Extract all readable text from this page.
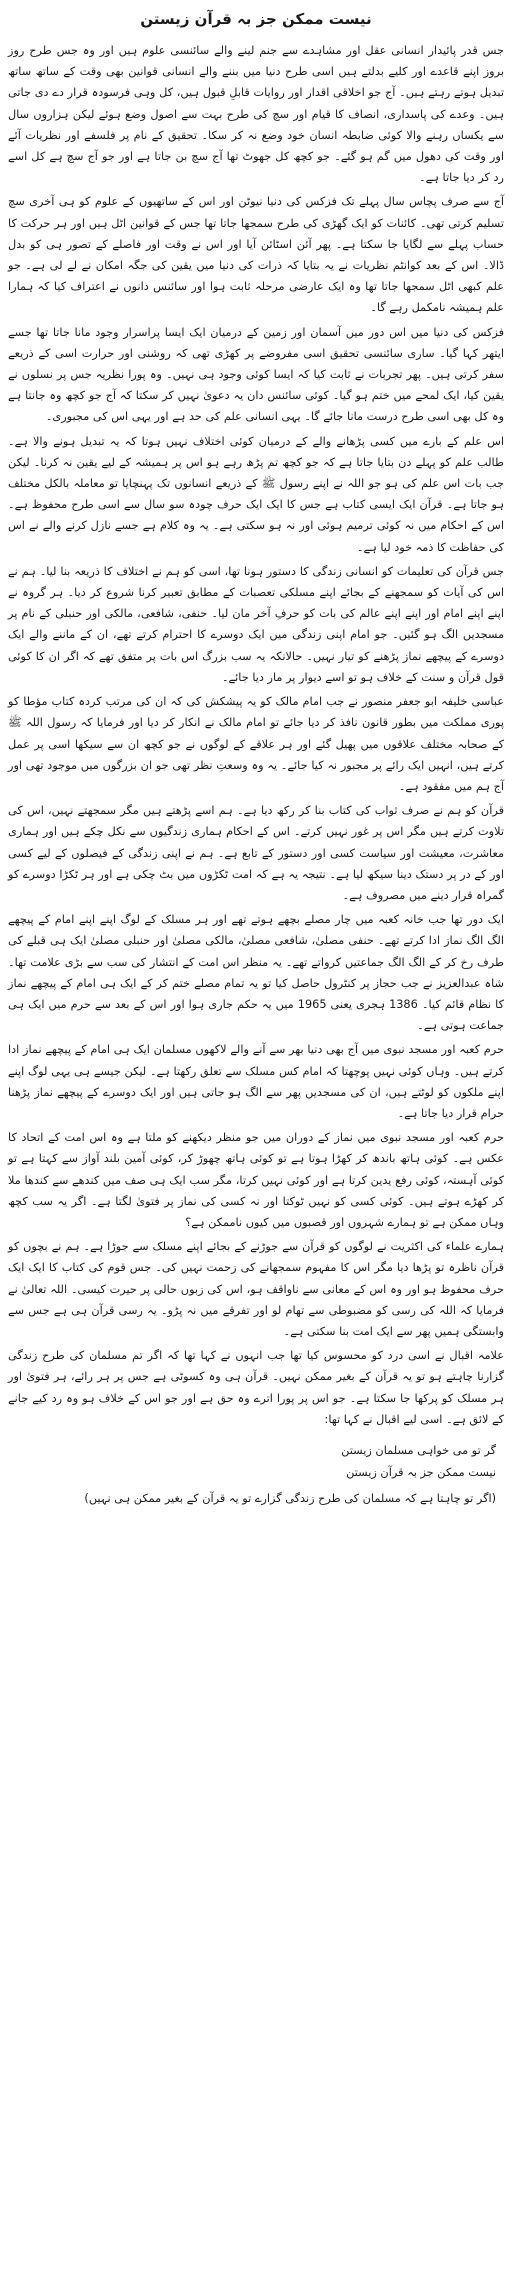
نیست ممکن جز بہ قرآن زیستن
جس قدر پائیدار انسانی عقل اور مشاہدے سے جنم لینے والے سائنسی علوم ہیں اور وہ جس طرح روز بروز اپنے قاعدے اور کلیے بدلتے ہیں اسی طرح دنیا میں بننے والے انسانی قوانین بھی وقت کے ساتھ ساتھ تبدیل ہوتے رہتے ہیں۔ آج جو اخلاقی اقدار اور روایات قابلِ قبول ہیں، کل وہی فرسودہ قرار دے دی جاتی ہیں۔ وعدے کی پاسداری، انصاف کا قیام اور سچ کی طرح بہت سے اصول وضع ہوئے لیکن ہزاروں سال سے یکساں رہنے والا کوئی ضابطہ انسان خود وضع نہ کر سکا۔ تحقیق کے نام پر فلسفے اور نظریات آئے اور وقت کی دھول میں گم ہو گئے۔ جو کچھ کل جھوٹ تھا آج سچ بن جاتا ہے اور جو آج سچ ہے کل اسے رد کر دیا جاتا ہے۔
آج سے صرف پچاس سال پہلے تک فزکس کی دنیا نیوٹن اور اس کے ساتھیوں کے علوم کو ہی آخری سچ تسلیم کرتی تھی۔ کائنات کو ایک گھڑی کی طرح سمجھا جاتا تھا جس کے قوانین اٹل ہیں اور ہر حرکت کا حساب پہلے سے لگایا جا سکتا ہے۔ پھر آئن اسٹائن آیا اور اس نے وقت اور فاصلے کے تصور ہی کو بدل ڈالا۔ اس کے بعد کوانٹم نظریات نے یہ بتایا کہ ذرات کی دنیا میں یقین کی جگہ امکان نے لے لی ہے۔ جو علم کبھی اٹل سمجھا جاتا تھا وہ ایک عارضی مرحلہ ثابت ہوا اور سائنس دانوں نے اعتراف کیا کہ ہمارا علم ہمیشہ نامکمل رہے گا۔
فزکس کی دنیا میں اس دور میں آسمان اور زمین کے درمیان ایک ایسا پراسرار وجود مانا جاتا تھا جسے ایتھر کہا گیا۔ ساری سائنسی تحقیق اسی مفروضے پر کھڑی تھی کہ روشنی اور حرارت اسی کے ذریعے سفر کرتی ہیں۔ پھر تجربات نے ثابت کیا کہ ایسا کوئی وجود ہی نہیں۔ وہ پورا نظریہ جس پر نسلوں نے یقین کیا، ایک لمحے میں ختم ہو گیا۔ کوئی سائنس دان یہ دعویٰ نہیں کر سکتا کہ آج جو کچھ وہ جانتا ہے وہ کل بھی اسی طرح درست مانا جائے گا۔ یہی انسانی علم کی حد ہے اور یہی اس کی مجبوری۔
اس علم کے بارے میں کسی پڑھانے والے کے درمیان کوئی اختلاف نہیں ہوتا کہ یہ تبدیل ہونے والا ہے۔ طالب علم کو پہلے دن بتایا جاتا ہے کہ جو کچھ تم پڑھ رہے ہو اس پر ہمیشہ کے لیے یقین نہ کرنا۔ لیکن جب بات اس علم کی ہو جو اللہ نے اپنے رسول ﷺ کے ذریعے انسانوں تک پہنچایا تو معاملہ بالکل مختلف ہو جاتا ہے۔ قرآن ایک ایسی کتاب ہے جس کا ایک ایک حرف چودہ سو سال سے اسی طرح محفوظ ہے۔ اس کے احکام میں نہ کوئی ترمیم ہوئی اور نہ ہو سکتی ہے۔ یہ وہ کلام ہے جسے نازل کرنے والے نے اس کی حفاظت کا ذمہ خود لیا ہے۔
جس قرآن کی تعلیمات کو انسانی زندگی کا دستور ہونا تھا، اسی کو ہم نے اختلاف کا ذریعہ بنا لیا۔ ہم نے اس کی آیات کو سمجھنے کے بجائے اپنے مسلکی تعصبات کے مطابق تعبیر کرنا شروع کر دیا۔ ہر گروہ نے اپنے اپنے امام اور اپنے اپنے عالم کی بات کو حرفِ آخر مان لیا۔ حنفی، شافعی، مالکی اور حنبلی کے نام پر مسجدیں الگ ہو گئیں۔ جو امام اپنی زندگی میں ایک دوسرے کا احترام کرتے تھے، ان کے ماننے والے ایک دوسرے کے پیچھے نماز پڑھنے کو تیار نہیں۔ حالانکہ یہ سب بزرگ اس بات پر متفق تھے کہ اگر ان کا کوئی قول قرآن و سنت کے خلاف ہو تو اسے دیوار پر مار دیا جائے۔
عباسی خلیفہ ابو جعفر منصور نے جب امام مالک کو یہ پیشکش کی کہ ان کی مرتب کردہ کتاب مؤطا کو پوری مملکت میں بطور قانون نافذ کر دیا جائے تو امام مالک نے انکار کر دیا اور فرمایا کہ رسول اللہ ﷺ کے صحابہ مختلف علاقوں میں پھیل گئے اور ہر علاقے کے لوگوں نے جو کچھ ان سے سیکھا اسی پر عمل کرتے ہیں، انہیں ایک رائے پر مجبور نہ کیا جائے۔ یہ وہ وسعتِ نظر تھی جو ان بزرگوں میں موجود تھی اور آج ہم میں مفقود ہے۔
قرآن کو ہم نے صرف ثواب کی کتاب بنا کر رکھ دیا ہے۔ ہم اسے پڑھتے ہیں مگر سمجھتے نہیں، اس کی تلاوت کرتے ہیں مگر اس پر غور نہیں کرتے۔ اس کے احکام ہماری زندگیوں سے نکل چکے ہیں اور ہماری معاشرت، معیشت اور سیاست کسی اور دستور کے تابع ہے۔ ہم نے اپنی زندگی کے فیصلوں کے لیے کسی اور کے در پر دستک دینا سیکھ لیا ہے۔ نتیجہ یہ ہے کہ امت ٹکڑوں میں بٹ چکی ہے اور ہر ٹکڑا دوسرے کو گمراہ قرار دینے میں مصروف ہے۔
ایک دور تھا جب خانہ کعبہ میں چار مصلے بچھے ہوتے تھے اور ہر مسلک کے لوگ اپنے اپنے امام کے پیچھے الگ الگ نماز ادا کرتے تھے۔ حنفی مصلیٰ، شافعی مصلیٰ، مالکی مصلیٰ اور حنبلی مصلیٰ ایک ہی قبلے کی طرف رخ کر کے الگ الگ جماعتیں کرواتے تھے۔ یہ منظر اس امت کے انتشار کی سب سے بڑی علامت تھا۔ شاہ عبدالعزیز نے جب حجاز پر کنٹرول حاصل کیا تو یہ تمام مصلے ختم کر کے ایک ہی امام کے پیچھے نماز کا نظام قائم کیا۔ 1386 ہجری یعنی 1965 میں یہ حکم جاری ہوا اور اس کے بعد سے حرم میں ایک ہی جماعت ہوتی ہے۔
حرم کعبہ اور مسجد نبوی میں آج بھی دنیا بھر سے آنے والے لاکھوں مسلمان ایک ہی امام کے پیچھے نماز ادا کرتے ہیں۔ وہاں کوئی نہیں پوچھتا کہ امام کس مسلک سے تعلق رکھتا ہے۔ لیکن جیسے ہی یہی لوگ اپنے اپنے ملکوں کو لوٹتے ہیں، ان کی مسجدیں پھر سے الگ ہو جاتی ہیں اور ایک دوسرے کے پیچھے نماز پڑھنا حرام قرار دیا جاتا ہے۔
حرم کعبہ اور مسجد نبوی میں نماز کے دوران میں جو منظر دیکھنے کو ملتا ہے وہ اس امت کے اتحاد کا عکس ہے۔ کوئی ہاتھ باندھ کر کھڑا ہوتا ہے تو کوئی ہاتھ چھوڑ کر، کوئی آمین بلند آواز سے کہتا ہے تو کوئی آہستہ، کوئی رفع یدین کرتا ہے اور کوئی نہیں کرتا، مگر سب ایک ہی صف میں کندھے سے کندھا ملا کر کھڑے ہوتے ہیں۔ کوئی کسی کو نہیں ٹوکتا اور نہ کسی کی نماز پر فتویٰ لگتا ہے۔ اگر یہ سب کچھ وہاں ممکن ہے تو ہمارے شہروں اور قصبوں میں کیوں ناممکن ہے؟
ہمارے علماء کی اکثریت نے لوگوں کو قرآن سے جوڑنے کے بجائے اپنے مسلک سے جوڑا ہے۔ ہم نے بچوں کو قرآن ناظرہ تو پڑھا دیا مگر اس کا مفہوم سمجھانے کی زحمت نہیں کی۔ جس قوم کی کتاب کا ایک ایک حرف محفوظ ہو اور وہ اس کے معانی سے ناواقف ہو، اس کی زبوں حالی پر حیرت کیسی۔ اللہ تعالیٰ نے فرمایا کہ اللہ کی رسی کو مضبوطی سے تھام لو اور تفرقے میں نہ پڑو۔ یہ رسی قرآن ہی ہے جس سے وابستگی ہمیں پھر سے ایک امت بنا سکتی ہے۔
علامہ اقبال نے اسی درد کو محسوس کیا تھا جب انہوں نے کہا تھا کہ اگر تم مسلمان کی طرح زندگی گزارنا چاہتے ہو تو یہ قرآن کے بغیر ممکن نہیں۔ قرآن ہی وہ کسوٹی ہے جس پر ہر رائے، ہر فتویٰ اور ہر مسلک کو پرکھا جا سکتا ہے۔ جو اس پر پورا اترے وہ حق ہے اور جو اس کے خلاف ہو وہ رد کیے جانے کے لائق ہے۔ اسی لیے اقبال نے کہا تھا:
گر تو می خواہی مسلمان زیستن
نیست ممکن جز بہ قرآن زیستن
(اگر تو چاہتا ہے کہ مسلمان کی طرح زندگی گزارے تو یہ قرآن کے بغیر ممکن ہی نہیں)
